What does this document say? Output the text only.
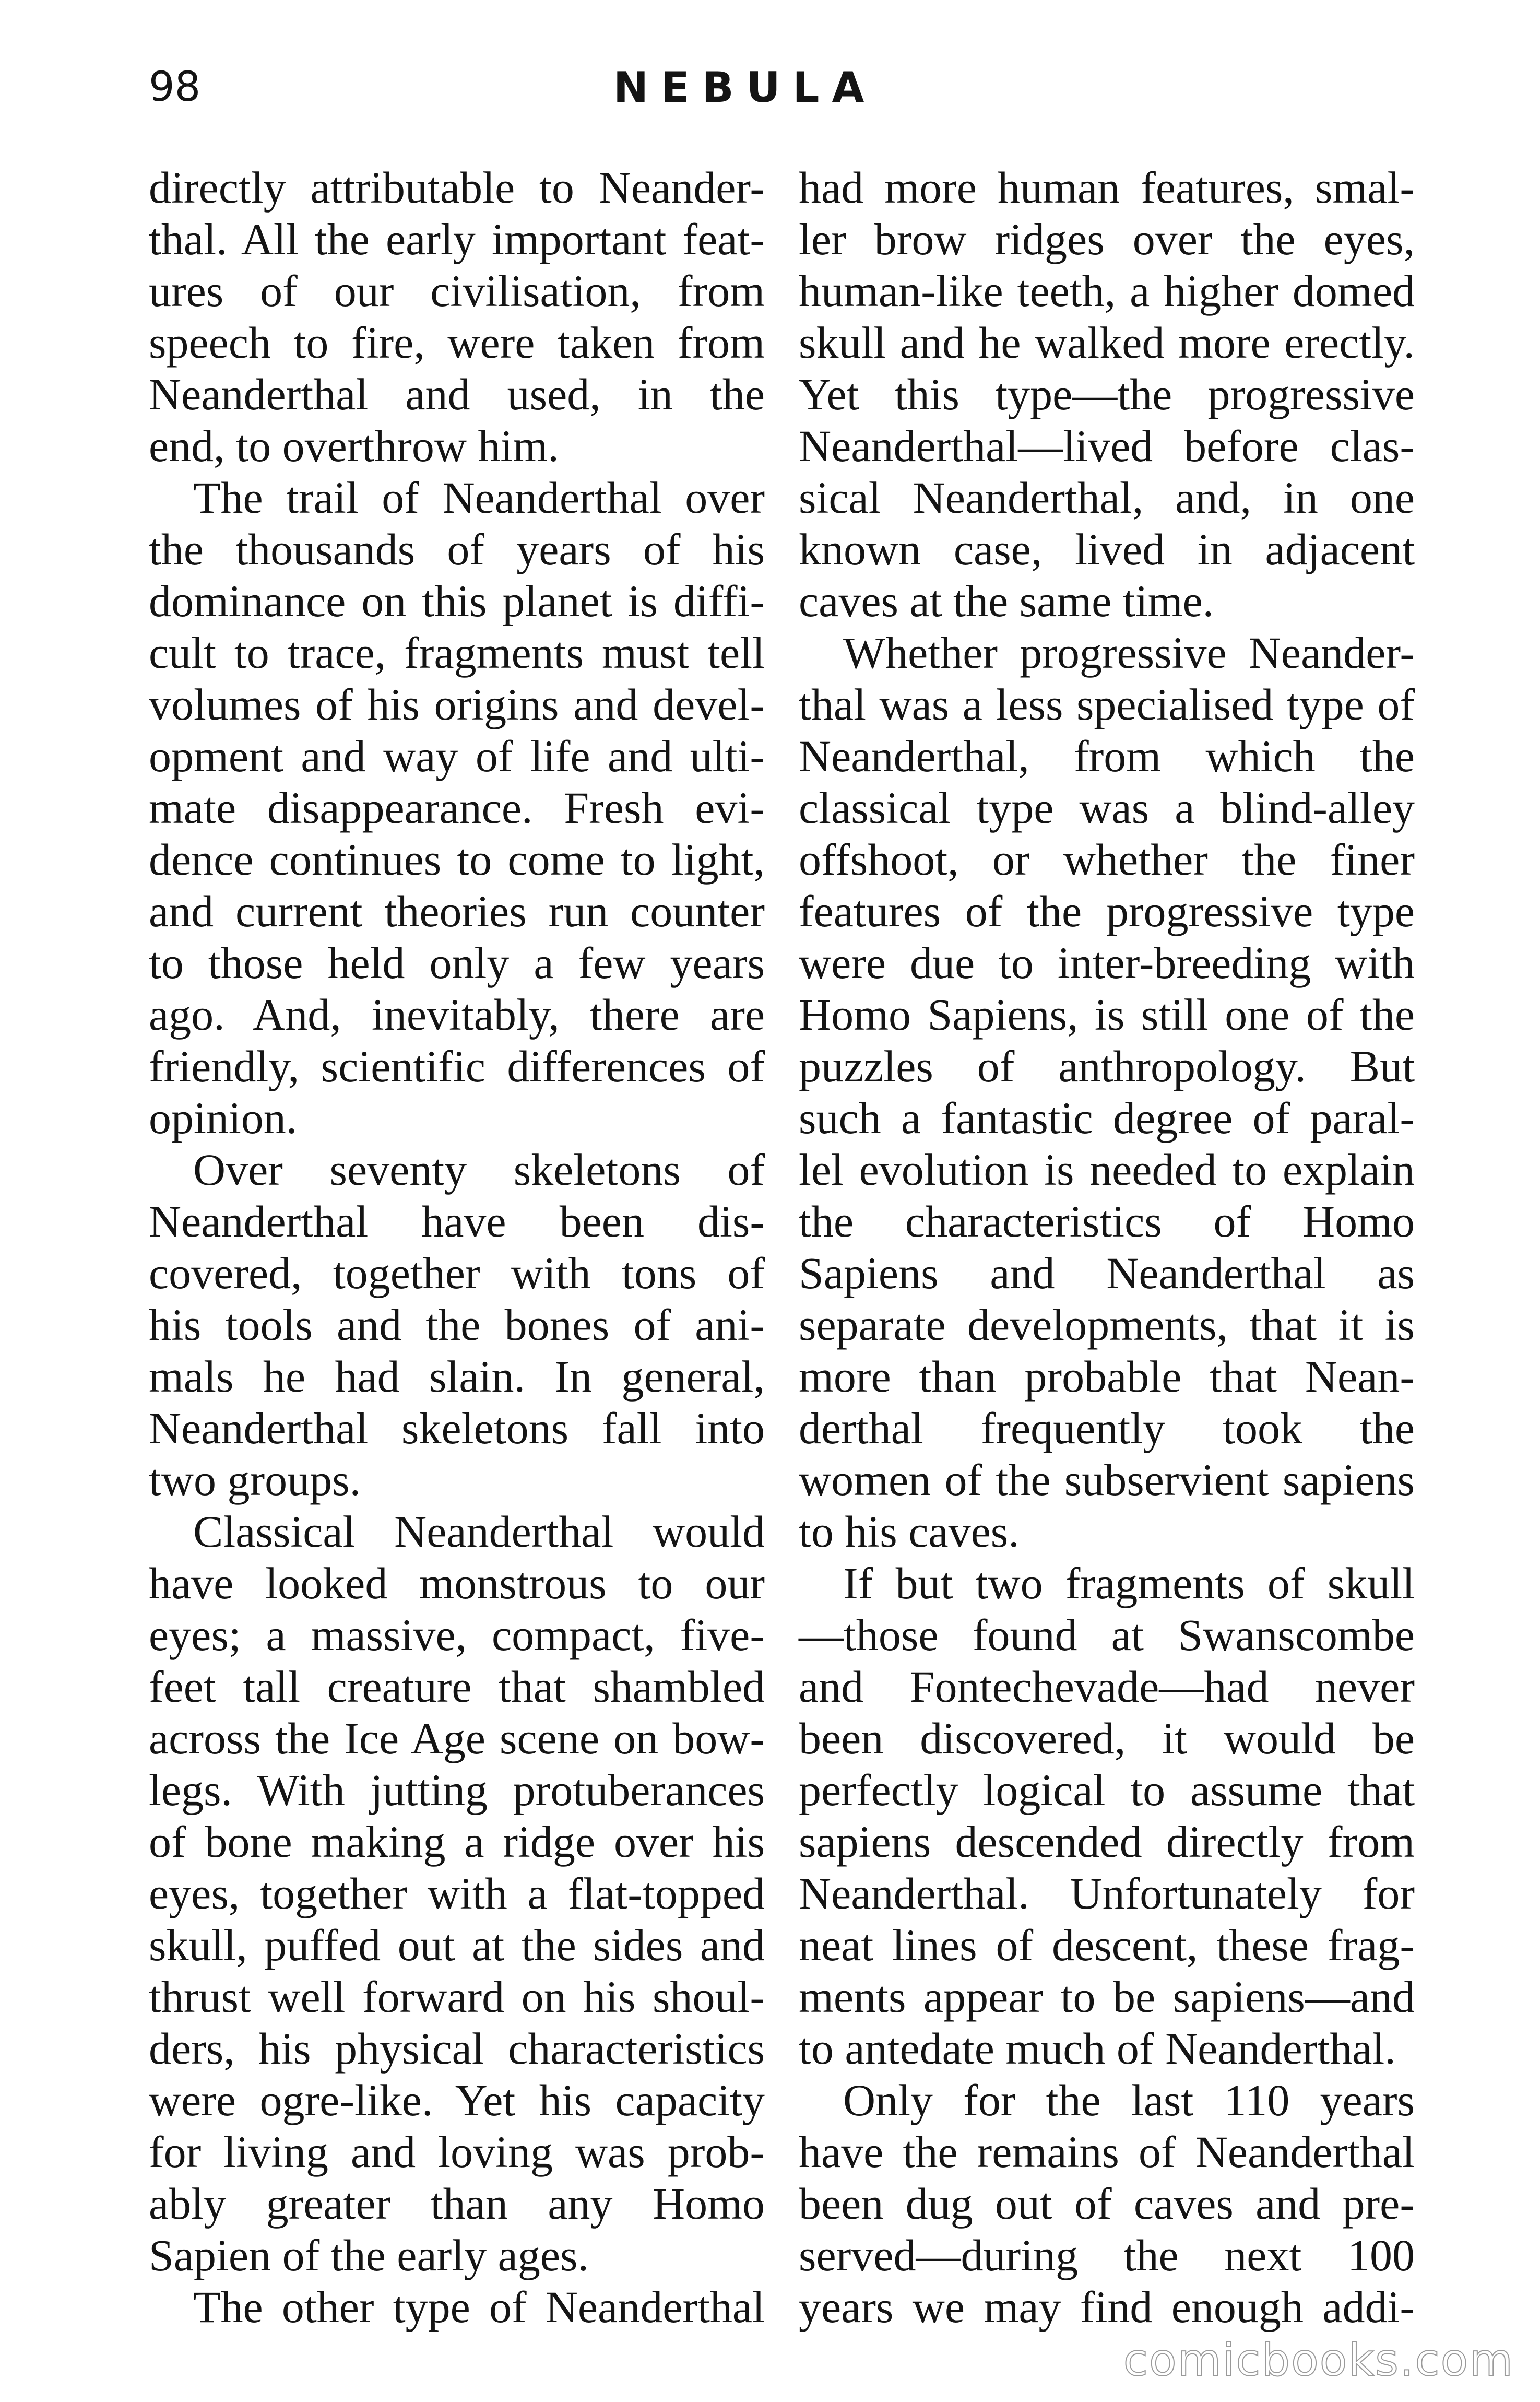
98	NEBULA
directly attributable to Neander-
thal. All the early important feat-
ures of our civilisation, from
speech to fire, were taken from
Neanderthal and used, in the
end, to overthrow him.
The trail of Neanderthal over
the thousands of years of his
dominance on this planet is diffi-
cult to trace, fragments must tell
volumes of his origins and devel-
opment and way of life and ulti-
mate disappearance. Fresh evi-
dence continues to come to light,
and current theories run counter
to those held only a few years
ago. And, inevitably, there are
friendly, scientific differences of
opinion.
Over seventy skeletons of
Neanderthal have been dis-
covered, together with tons of
his tools and the bones of ani-
mals he had slain. In general,
Neanderthal skeletons fall into
two groups.
Classical Neanderthal would
have looked monstrous to our
eyes; a massive, compact, five-
feet tall creature that shambled
across the Ice Age scene on bow-
legs. With jutting protuberances
of bone making a ridge over his
eyes, together with a flat-topped
skull, puffed out at the sides and
thrust well forward on his shoul-
ders, his physical characteristics
were ogre-like. Yet his capacity
for living and loving was prob-
ably greater than any Homo
Sapien of the early ages.
The other type of Neanderthal
had more human features, smal-
ler brow ridges over the eyes,
human-like teeth, a higher domed
skull and he walked more erectly.
Yet this type—the progressive
Neanderthal—lived before clas-
sical Neanderthal, and, in one
known case, lived in adjacent
caves at the same time.
Whether progressive Neander-
thal was a less specialised type of
Neanderthal, from which the
classical type was a blind-alley
offshoot, or whether the finer
features of the progressive type
were due to inter-breeding with
Homo Sapiens, is still one of the
puzzles of anthropology. But
such a fantastic degree of paral-
lel evolution is needed to explain
the characteristics of Homo
Sapiens and Neanderthal as
separate developments, that it is
more than probable that Nean-
derthal frequently took the
women of the subservient sapiens
to his caves.
If but two fragments of skull
—those found at Swanscombe
and Fontechevade—had never
been discovered, it would be
perfectly logical to assume that
sapiens descended directly from
Neanderthal. Unfortunately for
neat lines of descent, these frag-
ments appear to be sapiens—and
to antedate much of Neanderthal.
Only for the last 110 years
have the remains of Neanderthal
been dug out of caves and pre-
served—during the next 100
years we may find enough addi-
comicbooks.com
